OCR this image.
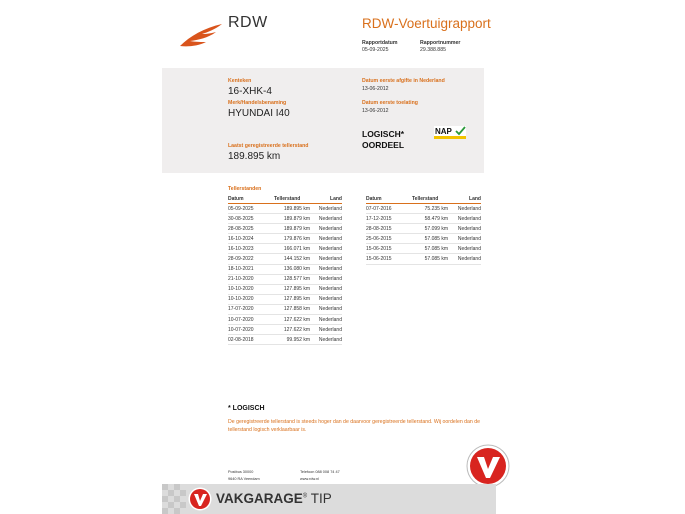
RDW	RDW-Voertuigrapport
Rapportdatum
05-09-2025
Rapportnummer
29.388.885
Kenteken
16-XHK-4
Merk/Handelsbenaming
HYUNDAI I40
Laatst geregistreerde tellerstand
189.895 km
Datum eerste afgifte in Nederland
13-06-2012
Datum eerste toelating
13-06-2012
LOGISCH*
OORDEEL
NAP
Tellerstanden
Datum	Tellerstand	Land
05-09-2025	189.895 km	Nederland
30-08-2025	189.879 km	Nederland
28-08-2025	189.879 km	Nederland
16-10-2024	179.876 km	Nederland
16-10-2023	166.071 km	Nederland
28-09-2022	144.152 km	Nederland
18-10-2021	136.080 km	Nederland
21-10-2020	128.577 km	Nederland
10-10-2020	127.895 km	Nederland
10-10-2020	127.895 km	Nederland
17-07-2020	127.858 km	Nederland
10-07-2020	127.622 km	Nederland
10-07-2020	127.622 km	Nederland
02-08-2018	99.952 km	Nederland
Datum	Tellerstand	Land
07-07-2016	75.235 km	Nederland
17-12-2015	58.479 km	Nederland
28-08-2015	57.099 km	Nederland
25-06-2015	57.085 km	Nederland
15-06-2015	57.085 km	Nederland
15-06-2015	57.085 km	Nederland
* LOGISCH
De geregistreerde tellerstand is steeds hoger dan de daarvoor geregistreerde tellerstand. Wij oordelen dan de tellerstand logisch verklaarbaar is.
Postbus 30000
9640 RA Veendam
Telefoon 088 008 74 47
www.rdw.nl
VAKGARAGE® TIP
